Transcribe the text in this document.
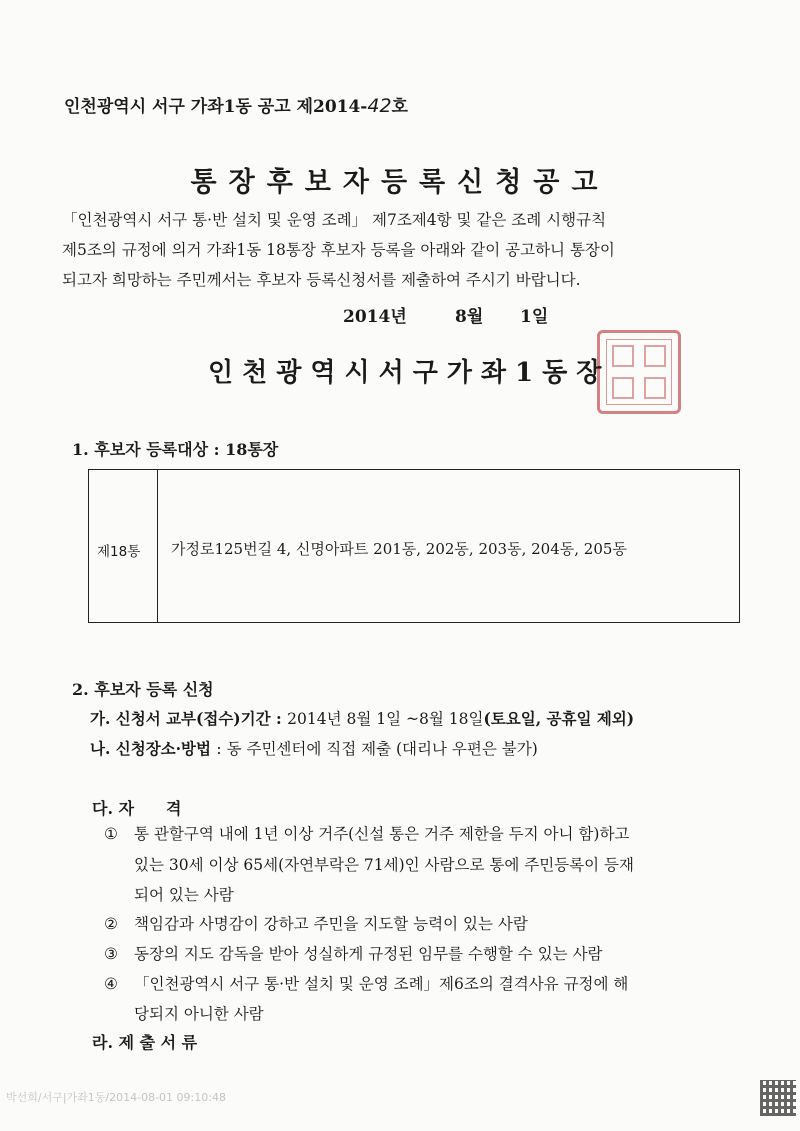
인천광역시 서구 가좌1동 공고 제2014-42호
통장후보자등록신청공고
「인천광역시 서구 통·반 설치 및 운영 조례」 제7조제4항 및 같은 조례 시행규칙
제5조의 규정에 의거 가좌1동 18통장 후보자 등록을 아래와 같이 공고하니 통장이
되고자 희망하는 주민께서는 후보자 등록신청서를 제출하여 주시기 바랍니다.
2014년	8월 1일
인천광역시서구가좌1동장
1. 후보자 등록대상 : 18통장
제18통 가정로125번길 4, 신명아파트 201동, 202동, 203동, 204동, 205동
2. 후보자 등록 신청
가. 신청서 교부(접수)기간 : 2014년 8월 1일 ~8월 18일(토요일, 공휴일 제외)
나. 신청장소·방법 : 동 주민센터에 직접 제출 (대리나 우편은 불가)
다. 자　　격
① 통 관할구역 내에 1년 이상 거주(신설 통은 거주 제한을 두지 아니 함)하고
있는 30세 이상 65세(자연부락은 71세)인 사람으로 통에 주민등록이 등재
되어 있는 사람
② 책임감과 사명감이 강하고 주민을 지도할 능력이 있는 사람
③ 동장의 지도 감독을 받아 성실하게 규정된 임무를 수행할 수 있는 사람
④ 「인천광역시 서구 통·반 설치 및 운영 조례」제6조의 결격사유 규정에 해
당되지 아니한 사람
라. 제 출 서 류
박선희/서구|가좌1동/2014-08-01 09:10:48
